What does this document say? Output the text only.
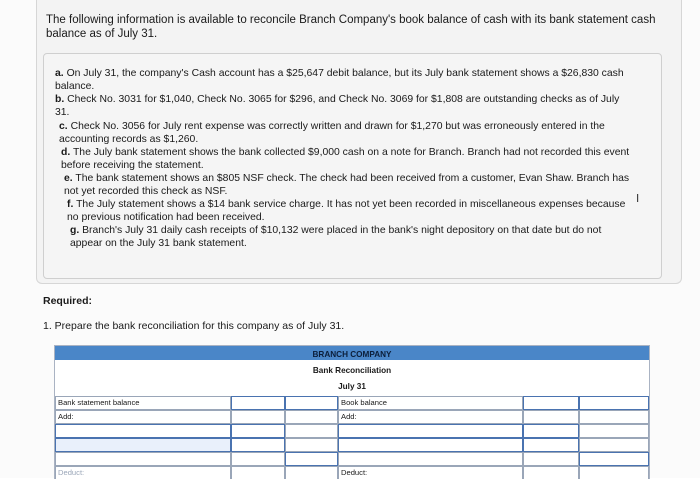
The following information is available to reconcile Branch Company's book balance of cash with its bank statement cash balance as of July 31.
a. On July 31, the company's Cash account has a $25,647 debit balance, but its July bank statement shows a $26,830 cash balance.
b. Check No. 3031 for $1,040, Check No. 3065 for $296, and Check No. 3069 for $1,808 are outstanding checks as of July 31.
c. Check No. 3056 for July rent expense was correctly written and drawn for $1,270 but was erroneously entered in the accounting records as $1,260.
d. The July bank statement shows the bank collected $9,000 cash on a note for Branch. Branch had not recorded this event before receiving the statement.
e. The bank statement shows an $805 NSF check. The check had been received from a customer, Evan Shaw. Branch has not yet recorded this check as NSF.
f. The July statement shows a $14 bank service charge. It has not yet been recorded in miscellaneous expenses because no previous notification had been received.
g. Branch's July 31 daily cash receipts of $10,132 were placed in the bank's night depository on that date but do not appear on the July 31 bank statement.
Ⅰ
Required:
1. Prepare the bank reconciliation for this company as of July 31.
BRANCH COMPANY
Bank Reconciliation
July 31
Bank statement balance	Book balance
Add:	Add:
Deduct:	Deduct:
